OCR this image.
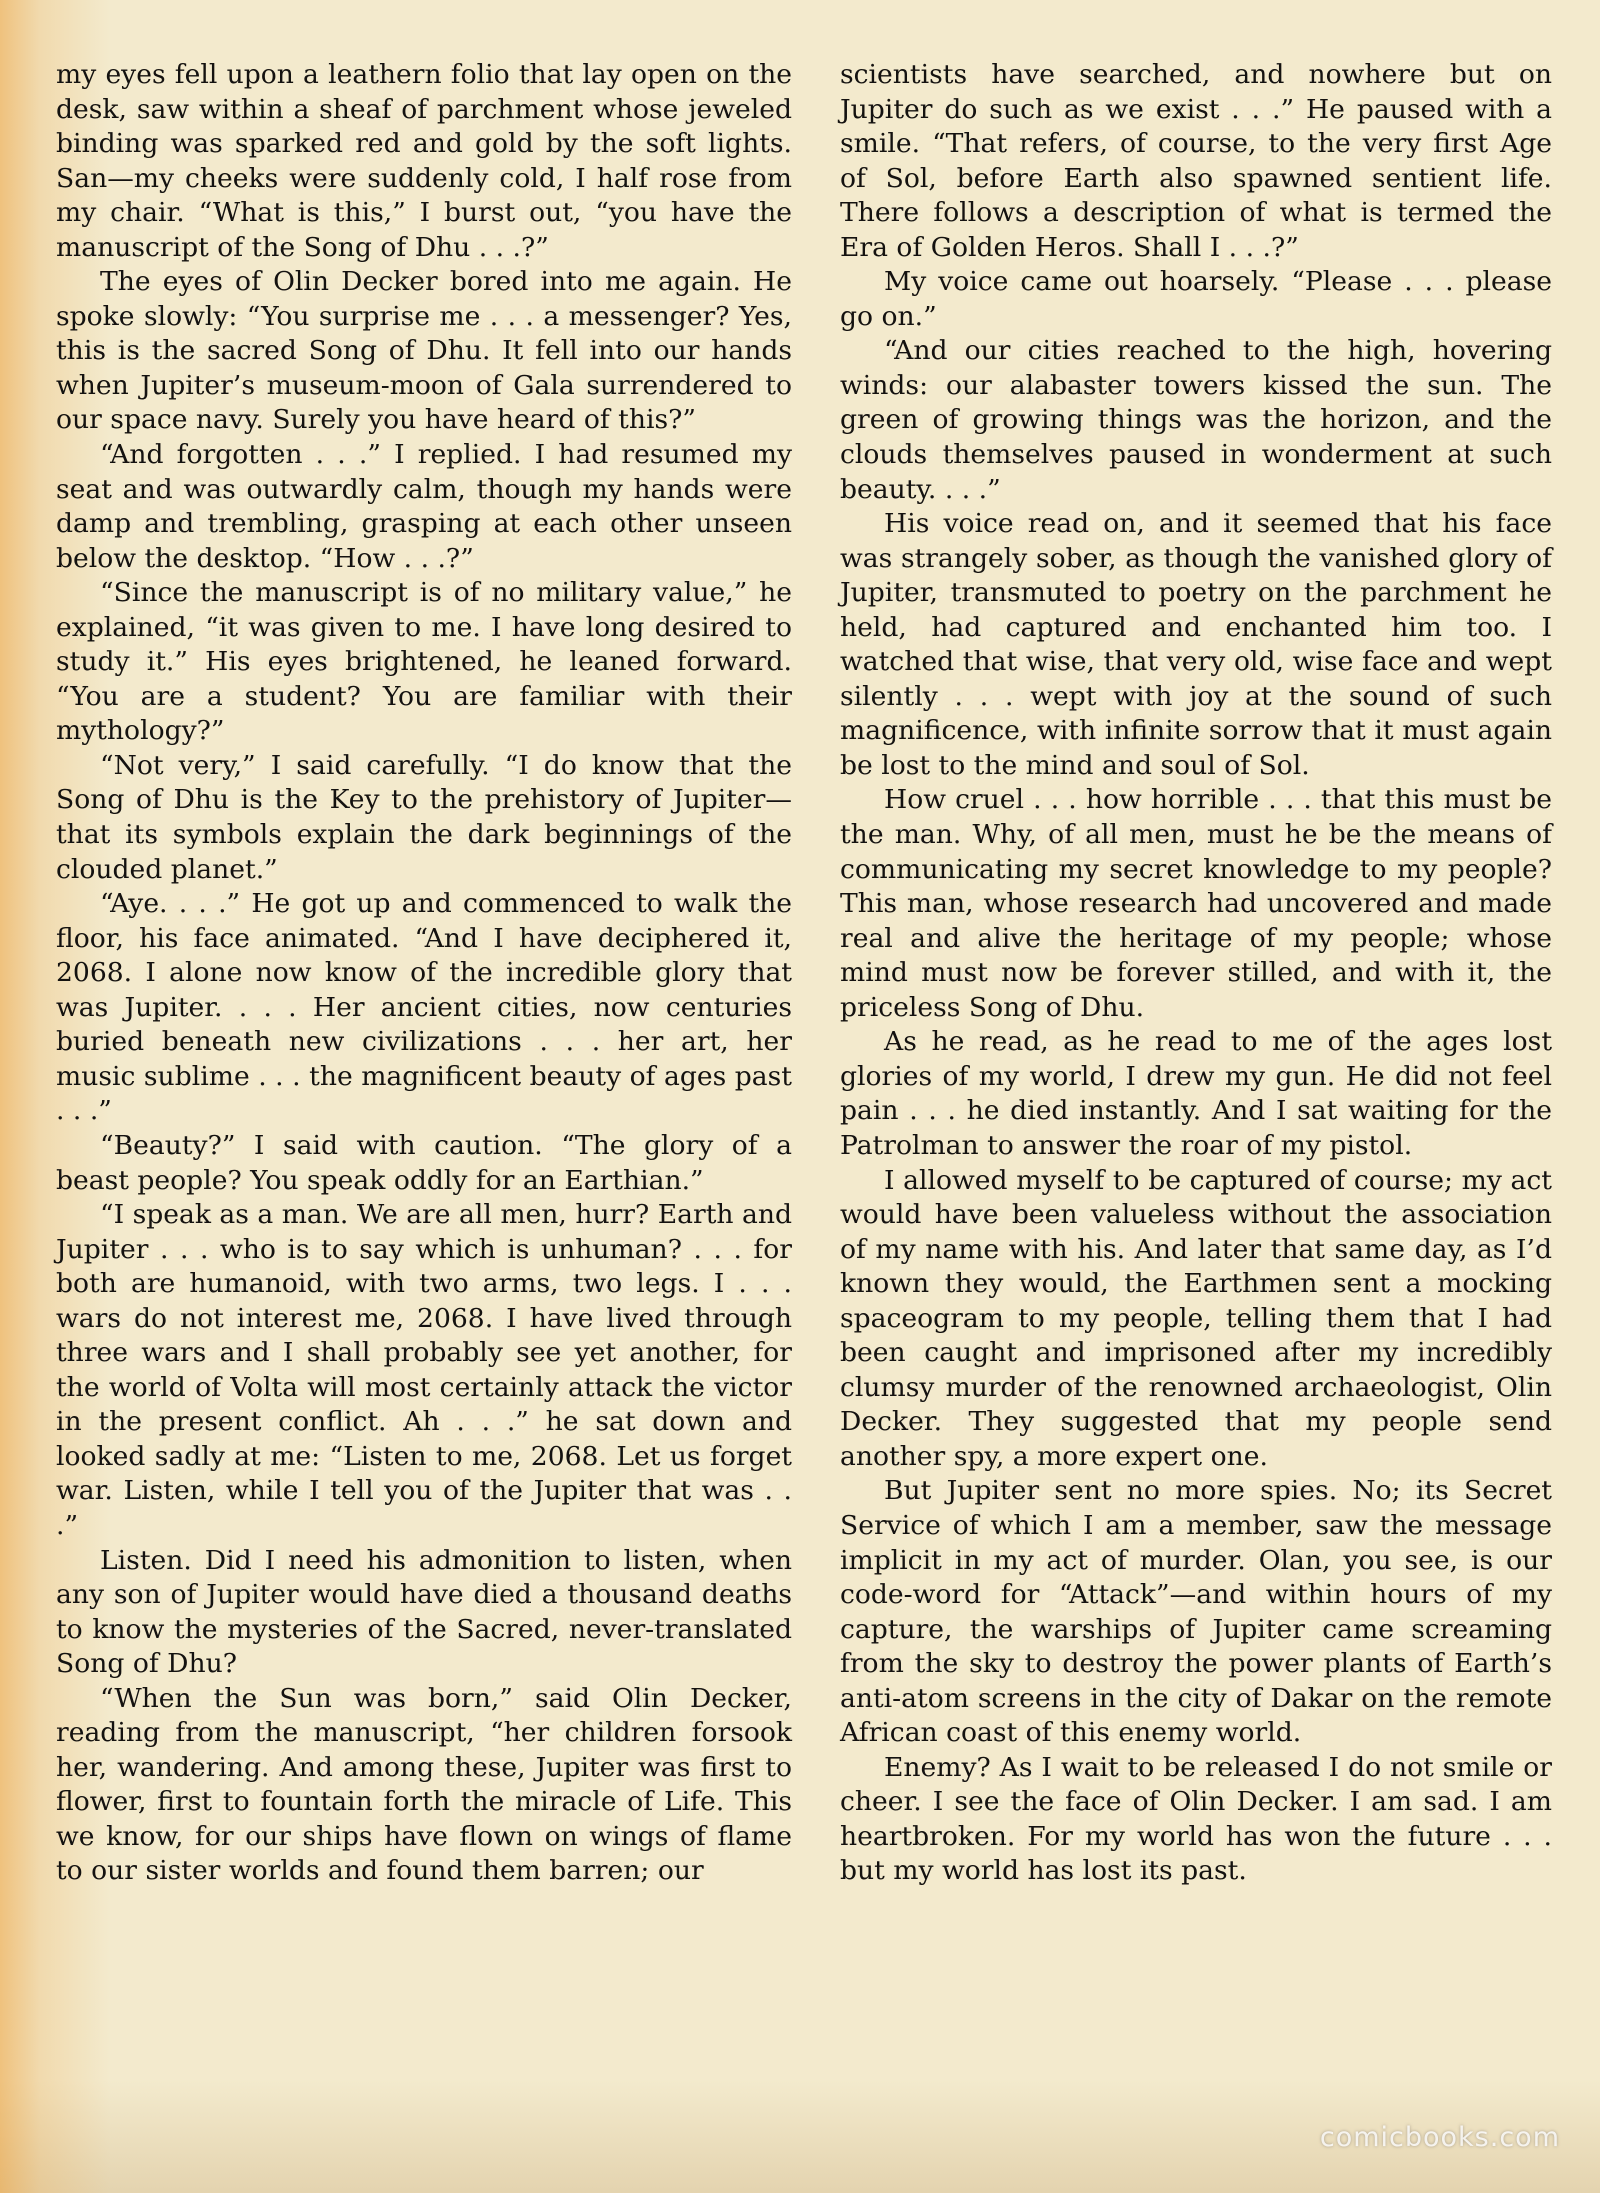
my eyes fell upon a leathern folio that lay open on the desk, saw within a sheaf of parchment whose jeweled binding was sparked red and gold by the soft lights. San—my cheeks were suddenly cold, I half rose from my chair. “What is this,” I burst out, “you have the manuscript of the Song of Dhu . . .?”

The eyes of Olin Decker bored into me again. He spoke slowly: “You surprise me . . . a messenger? Yes, this is the sacred Song of Dhu. It fell into our hands when Jupiter’s museum-moon of Gala surrendered to our space navy. Surely you have heard of this?”

“And forgotten . . .” I replied. I had resumed my seat and was outwardly calm, though my hands were damp and trembling, grasping at each other unseen below the desktop. “How . . .?”

“Since the manuscript is of no military value,” he explained, “it was given to me. I have long desired to study it.” His eyes brightened, he leaned forward. “You are a student? You are familiar with their mythology?”

“Not very,” I said carefully. “I do know that the Song of Dhu is the Key to the prehistory of Jupiter—that its symbols explain the dark beginnings of the clouded planet.”

“Aye. . . .” He got up and commenced to walk the floor, his face animated. “And I have deciphered it, 2068. I alone now know of the incredible glory that was Jupiter. . . . Her ancient cities, now centuries buried beneath new civilizations . . . her art, her music sublime . . . the magnificent beauty of ages past . . .”

“Beauty?” I said with caution. “The glory of a beast people? You speak oddly for an Earthian.”

“I speak as a man. We are all men, hurr? Earth and Jupiter . . . who is to say which is unhuman? . . . for both are humanoid, with two arms, two legs. I . . . wars do not interest me, 2068. I have lived through three wars and I shall probably see yet another, for the world of Volta will most certainly attack the victor in the present conflict. Ah . . .” he sat down and looked sadly at me: “Listen to me, 2068. Let us forget war. Listen, while I tell you of the Jupiter that was . . .”

Listen. Did I need his admonition to listen, when any son of Jupiter would have died a thousand deaths to know the mysteries of the Sacred, never-translated Song of Dhu?

“When the Sun was born,” said Olin Decker, reading from the manuscript, “her children forsook her, wandering. And among these, Jupiter was first to flower, first to fountain forth the miracle of Life. This we know, for our ships have flown on wings of flame to our sister worlds and found them barren; our

scientists have searched, and nowhere but on Jupiter do such as we exist . . .” He paused with a smile. “That refers, of course, to the very first Age of Sol, before Earth also spawned sentient life. There follows a description of what is termed the Era of Golden Heros. Shall I . . .?”

My voice came out hoarsely. “Please . . . please go on.”

“And our cities reached to the high, hovering winds: our alabaster towers kissed the sun. The green of growing things was the horizon, and the clouds themselves paused in wonderment at such beauty. . . .”

His voice read on, and it seemed that his face was strangely sober, as though the vanished glory of Jupiter, transmuted to poetry on the parchment he held, had captured and enchanted him too. I watched that wise, that very old, wise face and wept silently . . . wept with joy at the sound of such magnificence, with infinite sorrow that it must again be lost to the mind and soul of Sol.

How cruel . . . how horrible . . . that this must be the man. Why, of all men, must he be the means of communicating my secret knowledge to my people? This man, whose research had uncovered and made real and alive the heritage of my people; whose mind must now be forever stilled, and with it, the priceless Song of Dhu.

As he read, as he read to me of the ages lost glories of my world, I drew my gun. He did not feel pain . . . he died instantly. And I sat waiting for the Patrolman to answer the roar of my pistol.

I allowed myself to be captured of course; my act would have been valueless without the association of my name with his. And later that same day, as I’d known they would, the Earthmen sent a mocking spaceogram to my people, telling them that I had been caught and imprisoned after my incredibly clumsy murder of the renowned archaeologist, Olin Decker. They suggested that my people send another spy, a more expert one.

But Jupiter sent no more spies. No; its Secret Service of which I am a member, saw the message implicit in my act of murder. Olan, you see, is our code-word for “Attack”—and within hours of my capture, the warships of Jupiter came screaming from the sky to destroy the power plants of Earth’s anti-atom screens in the city of Dakar on the remote African coast of this enemy world.

Enemy? As I wait to be released I do not smile or cheer. I see the face of Olin Decker. I am sad. I am heartbroken. For my world has won the future . . . but my world has lost its past.

comicbooks.com
